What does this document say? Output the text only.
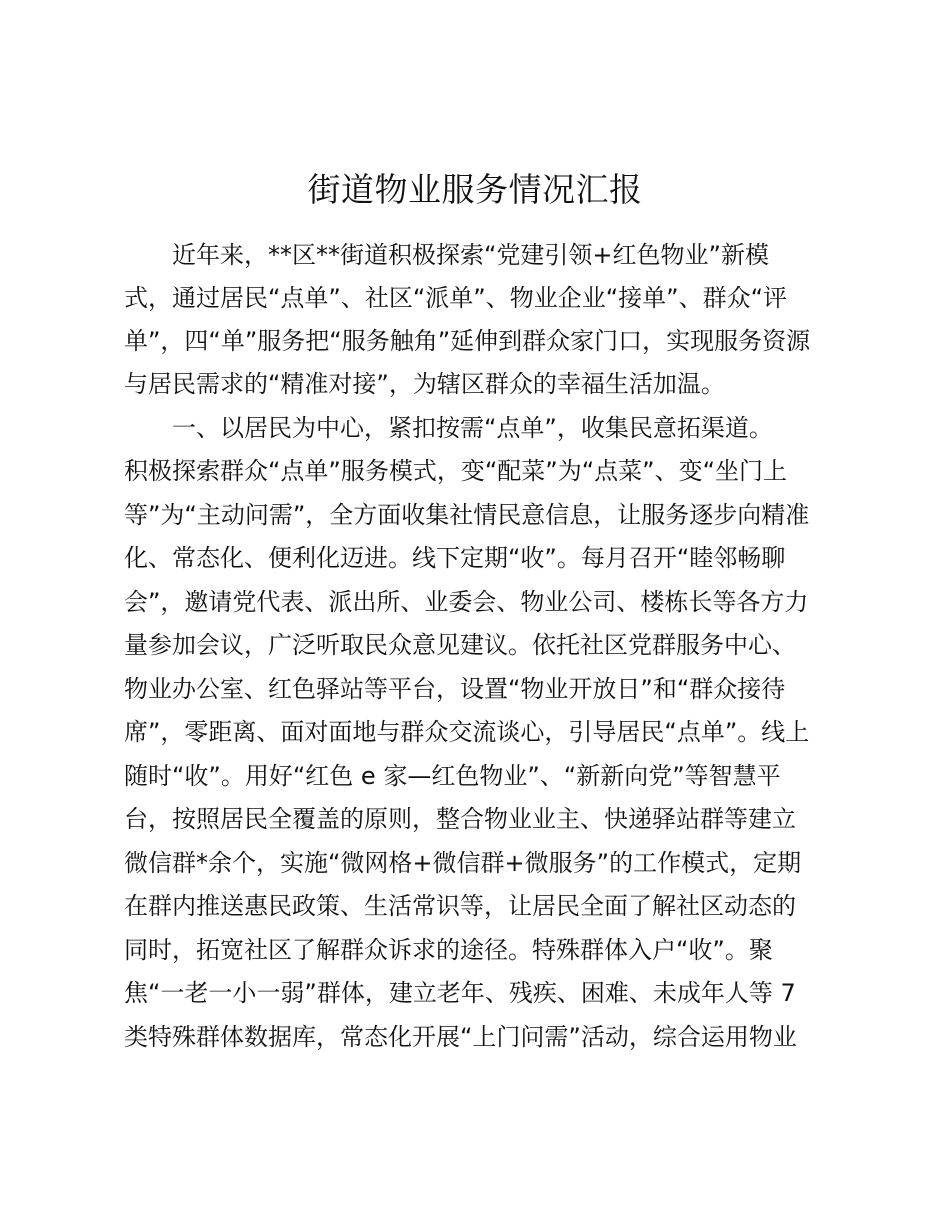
街道物业服务情况汇报
近年来，**区**街道积极探索“党建引领+红色物业”新模
式，通过居民“点单”、社区“派单”、物业企业“接单”、群众“评
单”，四“单”服务把“服务触角”延伸到群众家门口，实现服务资源
与居民需求的“精准对接”，为辖区群众的幸福生活加温。
一、以居民为中心，紧扣按需“点单”，收集民意拓渠道。
积极探索群众“点单”服务模式，变“配菜”为“点菜”、变“坐门上
等”为“主动问需”，全方面收集社情民意信息，让服务逐步向精准
化、常态化、便利化迈进。线下定期“收”。每月召开“睦邻畅聊
会”，邀请党代表、派出所、业委会、物业公司、楼栋长等各方力
量参加会议，广泛听取民众意见建议。依托社区党群服务中心、
物业办公室、红色驿站等平台，设置“物业开放日”和“群众接待
席”，零距离、面对面地与群众交流谈心，引导居民“点单”。线上
随时“收”。用好“红色 e 家—红色物业”、“新新向党”等智慧平
台，按照居民全覆盖的原则，整合物业业主、快递驿站群等建立
微信群*余个，实施“微网格+微信群+微服务”的工作模式，定期
在群内推送惠民政策、生活常识等，让居民全面了解社区动态的
同时，拓宽社区了解群众诉求的途径。特殊群体入户“收”。聚
焦“一老一小一弱”群体，建立老年、残疾、困难、未成年人等 7
类特殊群体数据库，常态化开展“上门问需”活动，综合运用物业
